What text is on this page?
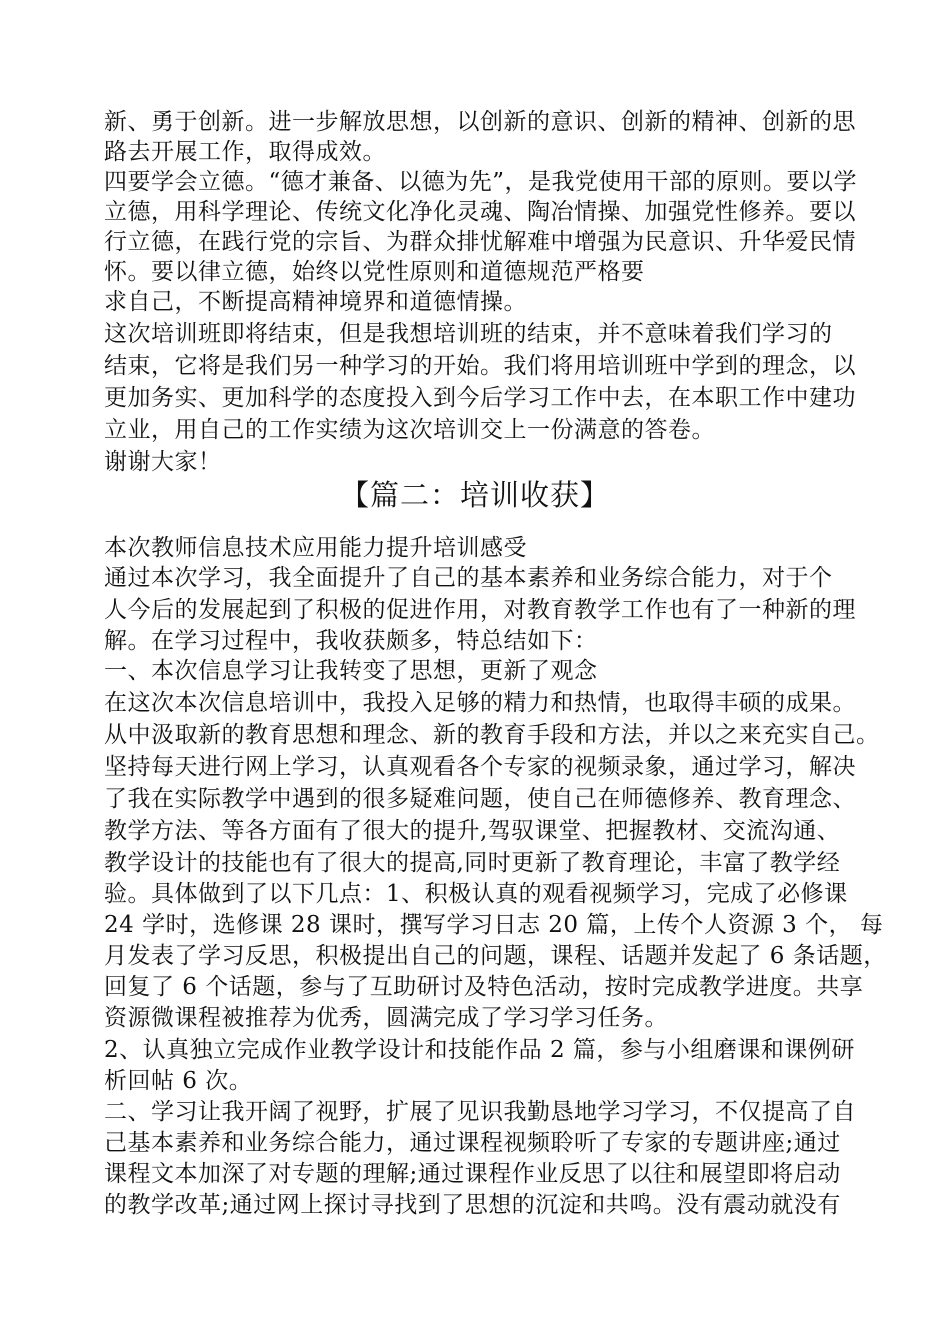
新、勇于创新。进一步解放思想，以创新的意识、创新的精神、创新的思
路去开展工作，取得成效。
四要学会立德。“德才兼备、以德为先”，是我党使用干部的原则。要以学
立德，用科学理论、传统文化净化灵魂、陶冶情操、加强党性修养。要以
行立德，在践行党的宗旨、为群众排忧解难中增强为民意识、升华爱民情
怀。要以律立德，始终以党性原则和道德规范严格要
求自己，不断提高精神境界和道德情操。
这次培训班即将结束，但是我想培训班的结束，并不意味着我们学习的
结束，它将是我们另一种学习的开始。我们将用培训班中学到的理念，以
更加务实、更加科学的态度投入到今后学习工作中去，在本职工作中建功
立业，用自己的工作实绩为这次培训交上一份满意的答卷。
谢谢大家！
【篇二：培训收获】
本次教师信息技术应用能力提升培训感受
通过本次学习，我全面提升了自己的基本素养和业务综合能力，对于个
人今后的发展起到了积极的促进作用，对教育教学工作也有了一种新的理
解。在学习过程中，我收获颇多，特总结如下：
一、本次信息学习让我转变了思想，更新了观念
在这次本次信息培训中，我投入足够的精力和热情，也取得丰硕的成果。
从中汲取新的教育思想和理念、新的教育手段和方法，并以之来充实自己。
坚持每天进行网上学习，认真观看各个专家的视频录象，通过学习，解决
了我在实际教学中遇到的很多疑难问题，使自己在师德修养、教育理念、
教学方法、等各方面有了很大的提升,驾驭课堂、把握教材、交流沟通、
教学设计的技能也有了很大的提高,同时更新了教育理论，丰富了教学经
验。具体做到了以下几点：1、积极认真的观看视频学习，完成了必修课
24 学时，选修课 28 课时，撰写学习日志 20 篇，上传个人资源 3 个， 每
月发表了学习反思，积极提出自己的问题，课程、话题并发起了 6 条话题，
回复了 6 个话题，参与了互助研讨及特色活动，按时完成教学进度。共享
资源微课程被推荐为优秀，圆满完成了学习学习任务。
2、认真独立完成作业教学设计和技能作品 2 篇，参与小组磨课和课例研
析回帖 6 次。
二、学习让我开阔了视野，扩展了见识我勤恳地学习学习，不仅提高了自
己基本素养和业务综合能力，通过课程视频聆听了专家的专题讲座;通过
课程文本加深了对专题的理解;通过课程作业反思了以往和展望即将启动
的教学改革;通过网上探讨寻找到了思想的沉淀和共鸣。没有震动就没有
